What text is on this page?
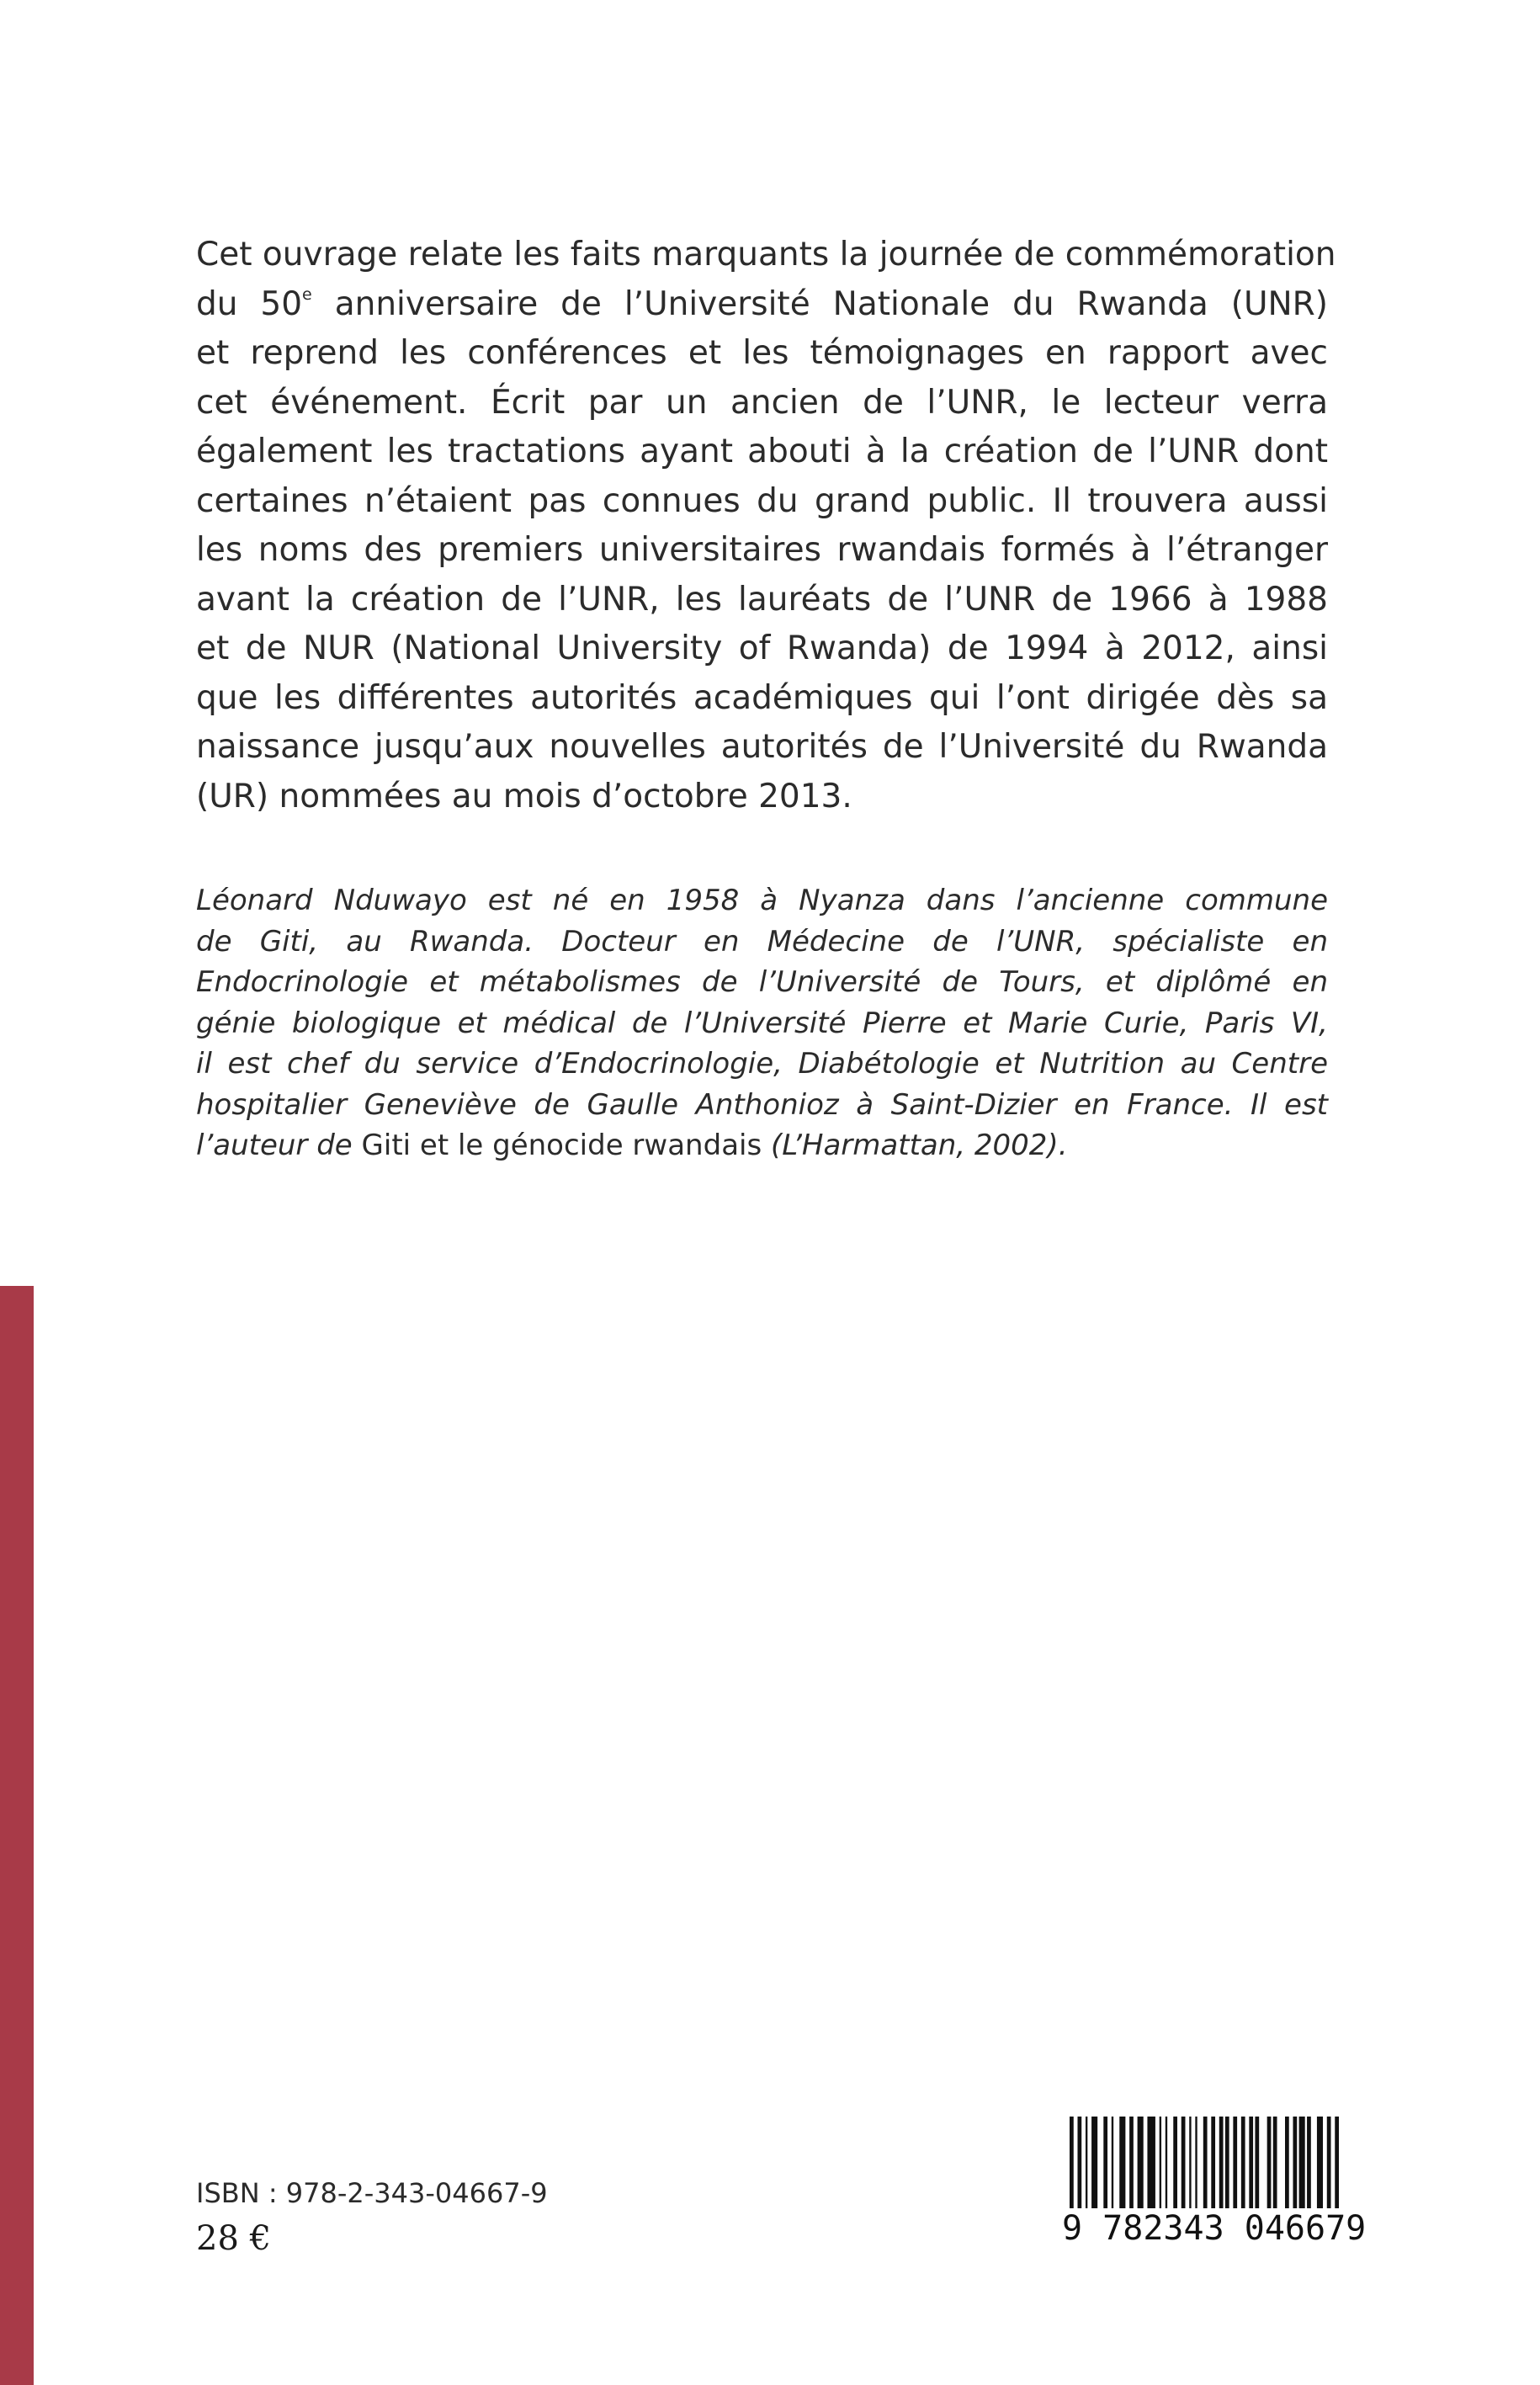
Cet ouvrage relate les faits marquants la journée de commémoration
du 50e anniversaire de l’Université Nationale du Rwanda (UNR)
et reprend les conférences et les témoignages en rapport avec
cet événement. Écrit par un ancien de l’UNR, le lecteur verra
également les tractations ayant abouti à la création de l’UNR dont
certaines n’étaient pas connues du grand public. Il trouvera aussi
les noms des premiers universitaires rwandais formés à l’étranger
avant la création de l’UNR, les lauréats de l’UNR de 1966 à 1988
et de NUR (National University of Rwanda) de 1994 à 2012, ainsi
que les différentes autorités académiques qui l’ont dirigée dès sa
naissance jusqu’aux nouvelles autorités de l’Université du Rwanda
(UR) nommées au mois d’octobre 2013.

Léonard Nduwayo est né en 1958 à Nyanza dans l’ancienne commune
de Giti, au Rwanda. Docteur en Médecine de l’UNR, spécialiste en
Endocrinologie et métabolismes de l’Université de Tours, et diplômé en
génie biologique et médical de l’Université Pierre et Marie Curie, Paris VI,
il est chef du service d’Endocrinologie, Diabétologie et Nutrition au Centre
hospitalier Geneviève de Gaulle Anthonioz à Saint-Dizier en France. Il est
l’auteur de Giti et le génocide rwandais (L’Harmattan, 2002).

ISBN : 978-2-343-04667-9
28 €	9 782343 046679
